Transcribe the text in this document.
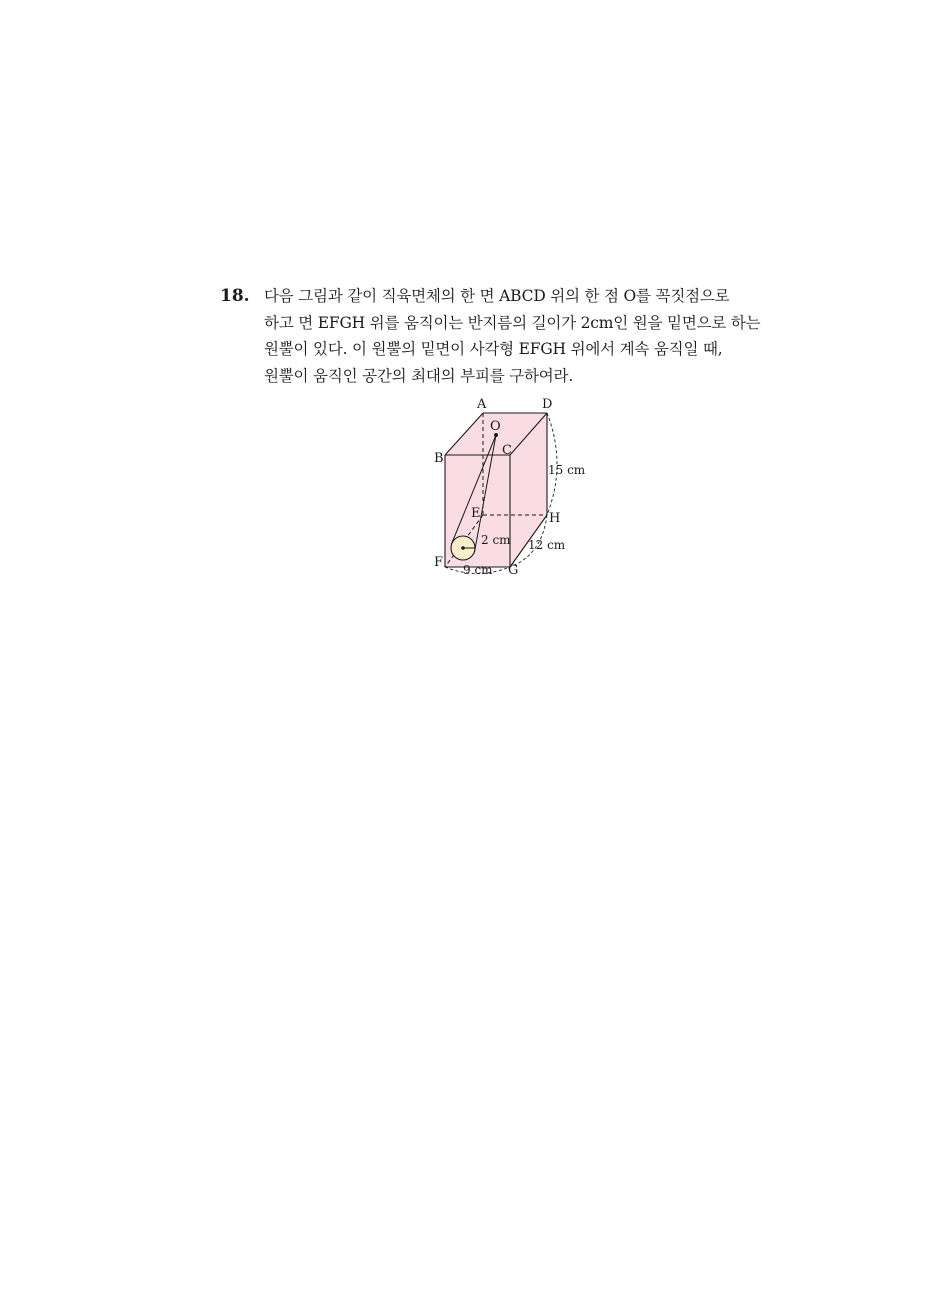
18. 다음 그림과 같이 직육면체의 한 면 ABCD 위의 한 점 O를 꼭짓점으로
하고 면 EFGH 위를 움직이는 반지름의 길이가 2cm인 원을 밑면으로 하는
원뿔이 있다. 이 원뿔의 밑면이 사각형 EFGH 위에서 계속 움직일 때,
원뿔이 움직인 공간의 최대의 부피를 구하여라.
A	D
O
C
B
E	H
F
G
15 cm
12 cm
9 cm
2 cm
